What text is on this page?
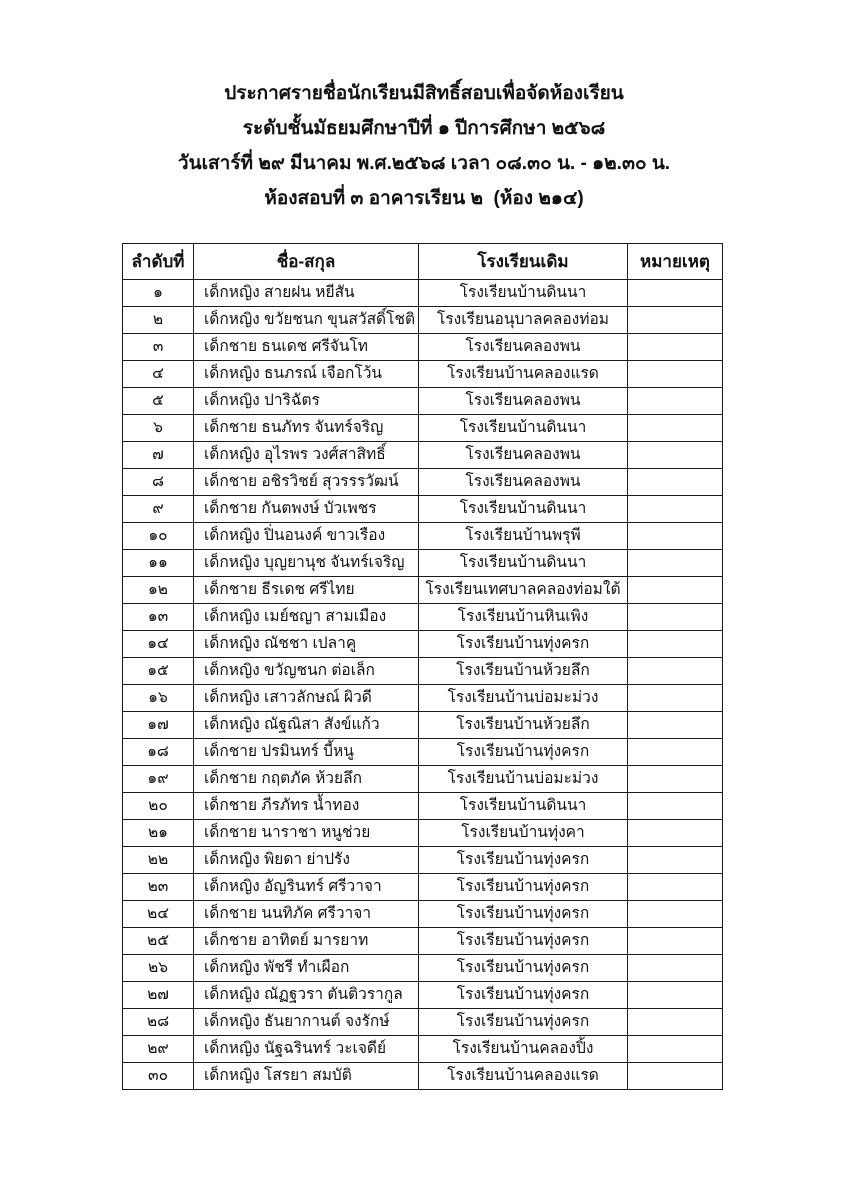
ประกาศรายชื่อนักเรียนมีสิทธิ์สอบเพื่อจัดห้องเรียน
ระดับชั้นมัธยมศึกษาปีที่ ๑ ปีการศึกษา ๒๕๖๘
วันเสาร์ที่ ๒๙ มีนาคม พ.ศ.๒๕๖๘ เวลา ๐๘.๓๐ น. - ๑๒.๓๐ น.
ห้องสอบที่ ๓ อาคารเรียน ๒  (ห้อง ๒๑๔)
ลำดับที่	ชื่อ-สกุล	โรงเรียนเดิม	หมายเหตุ
๑	เด็กหญิง สายฝน หยีสัน	โรงเรียนบ้านดินนา	
๒	เด็กหญิง ขวัยชนก ขุนสวัสดิ์โชติ	โรงเรียนอนุบาลคลองท่อม	
๓	เด็กชาย ธนเดช ศรีจันโท	โรงเรียนคลองพน	
๔	เด็กหญิง ธนภรณ์ เจือกโว้น	โรงเรียนบ้านคลองแรด	
๕	เด็กหญิง ปาริฉัตร	โรงเรียนคลองพน	
๖	เด็กชาย ธนภัทร จันทร์จริญ	โรงเรียนบ้านดินนา	
๗	เด็กหญิง อุไรพร วงศ์สาสิทธิ์	โรงเรียนคลองพน	
๘	เด็กชาย อชิรวิชย์ สุวรรรวัฒน์	โรงเรียนคลองพน	
๙	เด็กชาย กันตพงษ์ บัวเพชร	โรงเรียนบ้านดินนา	
๑๐	เด็กหญิง ปิ่นอนงค์ ขาวเรือง	โรงเรียนบ้านพรุพี	
๑๑	เด็กหญิง บุญยานุช จันทร์เจริญ	โรงเรียนบ้านดินนา	
๑๒	เด็กชาย ธีรเดช ศรีไทย	โรงเรียนเทศบาลคลองท่อมใต้	
๑๓	เด็กหญิง เมย์ชญา สามเมือง	โรงเรียนบ้านหินเพิง	
๑๔	เด็กหญิง ณัชชา เปลาคู	โรงเรียนบ้านทุ่งครก	
๑๕	เด็กหญิง ขวัญชนก ต่อเล็ก	โรงเรียนบ้านห้วยลึก	
๑๖	เด็กหญิง เสาวลักษณ์ ผิวดี	โรงเรียนบ้านบ่อมะม่วง	
๑๗	เด็กหญิง ณัฐณิสา สังข์แก้ว	โรงเรียนบ้านห้วยลึก	
๑๘	เด็กชาย ปรมินทร์ บี้หนู	โรงเรียนบ้านทุ่งครก	
๑๙	เด็กชาย กฤตภัค ห้วยลึก	โรงเรียนบ้านบ่อมะม่วง	
๒๐	เด็กชาย ภีรภัทร น้ำทอง	โรงเรียนบ้านดินนา	
๒๑	เด็กชาย นาราชา หนูช่วย	โรงเรียนบ้านทุ่งคา	
๒๒	เด็กหญิง พิยดา ย่าปรัง	โรงเรียนบ้านทุ่งครก	
๒๓	เด็กหญิง อัญรินทร์ ศรีวาจา	โรงเรียนบ้านทุ่งครก	
๒๔	เด็กชาย นนทิภัค ศรีวาจา	โรงเรียนบ้านทุ่งครก	
๒๕	เด็กชาย อาทิตย์ มารยาท	โรงเรียนบ้านทุ่งครก	
๒๖	เด็กหญิง พัชรี ทำเผือก	โรงเรียนบ้านทุ่งครก	
๒๗	เด็กหญิง ณัฏฐวรา ตันติวรากูล	โรงเรียนบ้านทุ่งครก	
๒๘	เด็กหญิง ธันยากานต์ จงรักษ์	โรงเรียนบ้านทุ่งครก	
๒๙	เด็กหญิง นัฐฉรินทร์ วะเจดีย์	โรงเรียนบ้านคลองปิ้ง	
๓๐	เด็กหญิง โสรยา สมบัติ	โรงเรียนบ้านคลองแรด	
